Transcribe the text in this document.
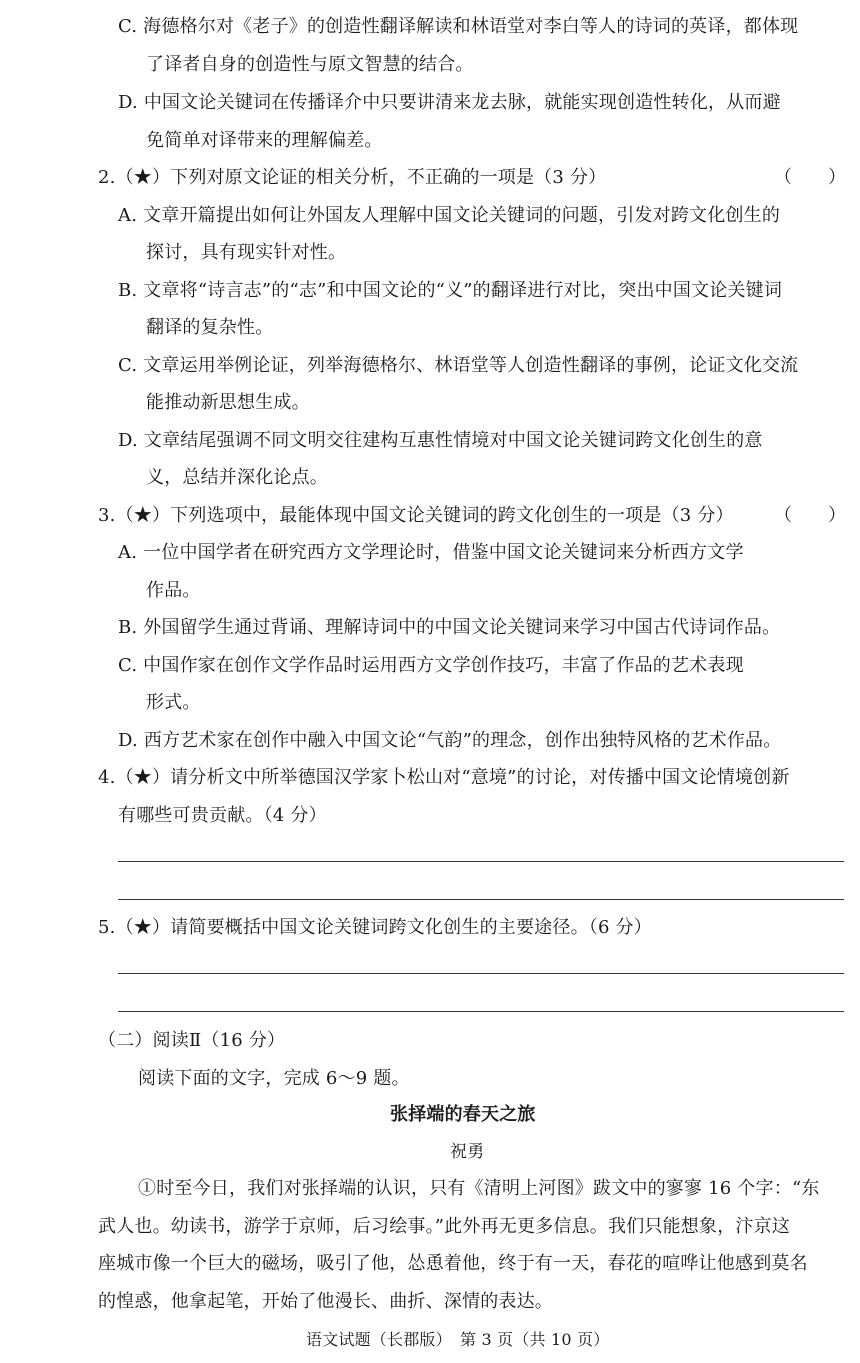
C. 海德格尔对《老子》的创造性翻译解读和林语堂对李白等人的诗词的英译，都体现
了译者自身的创造性与原文智慧的结合。
D. 中国文论关键词在传播译介中只要讲清来龙去脉，就能实现创造性转化，从而避
免简单对译带来的理解偏差。
2.（★）下列对原文论证的相关分析，不正确的一项是（3 分）	（　　）
A. 文章开篇提出如何让外国友人理解中国文论关键词的问题，引发对跨文化创生的
探讨，具有现实针对性。
B. 文章将“诗言志”的“志”和中国文论的“义”的翻译进行对比，突出中国文论关键词
翻译的复杂性。
C. 文章运用举例论证，列举海德格尔、林语堂等人创造性翻译的事例，论证文化交流
能推动新思想生成。
D. 文章结尾强调不同文明交往建构互惠性情境对中国文论关键词跨文化创生的意
义，总结并深化论点。
3.（★）下列选项中，最能体现中国文论关键词的跨文化创生的一项是（3 分） （　　）
A. 一位中国学者在研究西方文学理论时，借鉴中国文论关键词来分析西方文学
作品。
B. 外国留学生通过背诵、理解诗词中的中国文论关键词来学习中国古代诗词作品。
C. 中国作家在创作文学作品时运用西方文学创作技巧，丰富了作品的艺术表现
形式。
D. 西方艺术家在创作中融入中国文论“气韵”的理念，创作出独特风格的艺术作品。
4.（★）请分析文中所举德国汉学家卜松山对“意境”的讨论，对传播中国文论情境创新
有哪些可贵贡献。（4 分）
5.（★）请简要概括中国文论关键词跨文化创生的主要途径。（6 分）
（二）阅读Ⅱ（16 分）
阅读下面的文字，完成 6～9 题。
张择端的春天之旅
祝勇
①时至今日，我们对张择端的认识，只有《清明上河图》跋文中的寥寥 16 个字：“东
武人也。幼读书，游学于京师，后习绘事。”此外再无更多信息。我们只能想象，汴京这
座城市像一个巨大的磁场，吸引了他，怂恿着他，终于有一天，春花的喧哗让他感到莫名
的惶惑，他拿起笔，开始了他漫长、曲折、深情的表达。
语文试题（长郡版）　第 3 页（共 10 页）
